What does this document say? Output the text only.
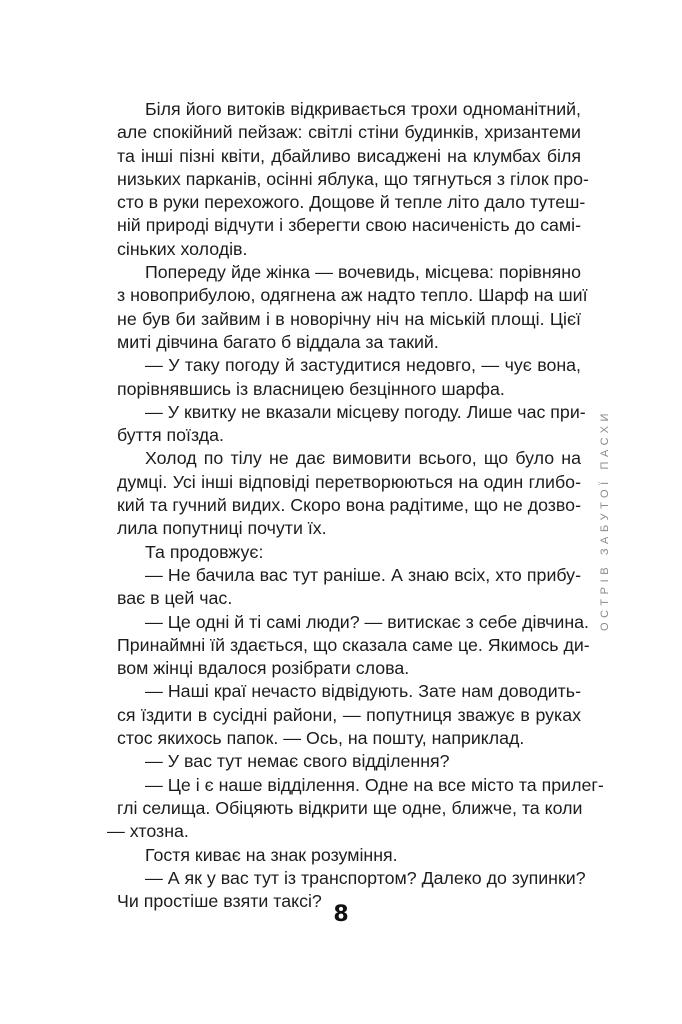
Біля його витоків відкривається трохи одноманітний,
але спокійний пейзаж: світлі стіни будинків, хризантеми
та інші пізні квіти, дбайливо висаджені на клумбах біля
низьких парканів, осінні яблука, що тягнуться з гілок про-
сто в руки перехожого. Дощове й тепле літо дало тутеш-
ній природі відчути і зберегти свою насиченість до самі-
сіньких холодів.

Попереду йде жінка — вочевидь, місцева: порівняно
з новоприбулою, одягнена аж надто тепло. Шарф на шиї
не був би зайвим і в новорічну ніч на міській площі. Цієї
миті дівчина багато б віддала за такий.

— У таку погоду й застудитися недовго, — чує вона,
порівнявшись із власницею безцінного шарфа.

— У квитку не вказали місцеву погоду. Лише час при-
буття поїзда.

Холод по тілу не дає вимовити всього, що було на
думці. Усі інші відповіді перетворюються на один глибо-
кий та гучний видих. Скоро вона радітиме, що не дозво-
лила попутниці почути їх.

Та продовжує:

— Не бачила вас тут раніше. А знаю всіх, хто прибу-
ває в цей час.

— Це одні й ті самі люди? — витискає з себе дівчина.
Принаймні їй здається, що сказала саме це. Якимось ди-
вом жінці вдалося розібрати слова.

— Наші краї нечасто відвідують. Зате нам доводить-
ся їздити в сусідні райони, — попутниця зважує в руках
стос якихось папок. — Ось, на пошту, наприклад.

— У вас тут немає свого відділення?

— Це і є наше відділення. Одне на все місто та прилег-
глі селища. Обіцяють відкрити ще одне, ближче, та коли
— хтозна.

Гостя киває на знак розуміння.

— А як у вас тут із транспортом? Далеко до зупинки?
Чи простіше взяти таксі?

ОСТРІВ ЗАБУТОЇ ПАСХИ
8
